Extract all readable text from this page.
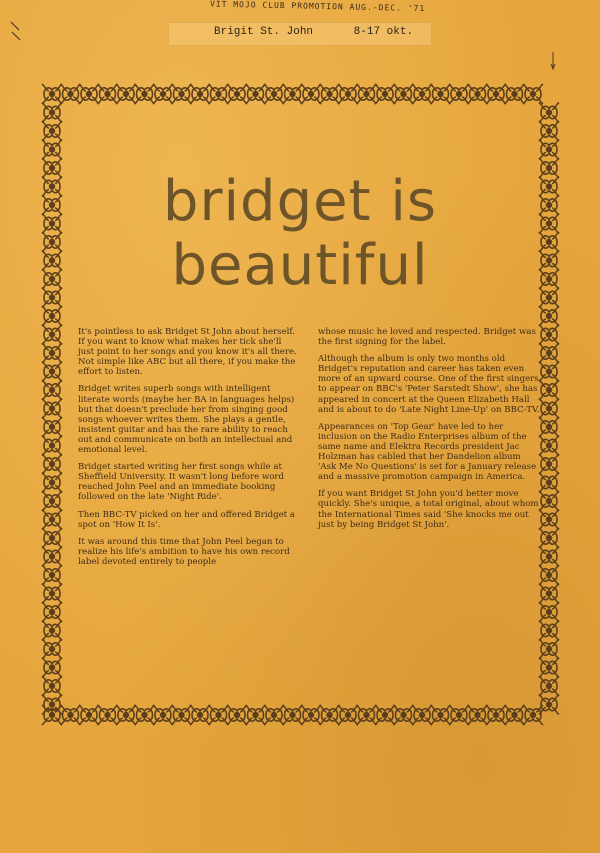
VIT MOJO CLUB PROMOTION AUG.-DEC. '71
Brigit St. John	8-17 okt.
bridget is
beautiful

It's pointless to ask Bridget St John about herself. If you want to know what makes her tick she'll just point to her songs and you know it's all there. Not simple like ABC but all there, if you make the effort to listen.

Bridget writes superb songs with intelligent literate words (maybe her BA in languages helps) but that doesn't preclude her from singing good songs whoever writes them. She plays a gentle, insistent guitar and has the rare ability to reach out and communicate on both an intellectual and emotional level.

Bridget started writing her first songs while at Sheffield University. It wasn't long before word reached John Peel and an immediate booking followed on the late 'Night Ride'.

Then BBC-TV picked on her and offered Bridget a spot on 'How It Is'.

It was around this time that John Peel began to realize his life's ambition to have his own record label devoted entirely to people

whose music he loved and respected. Bridget was the first signing for the label.

Although the album is only two months old Bridget's reputation and career has taken even more of an upward course. One of the first singers to appear on BBC's 'Peter Sarstedt Show', she has appeared in concert at the Queen Elizabeth Hall and is about to do 'Late Night Line-Up' on BBC-TV.

Appearances on 'Top Gear' have led to her inclusion on the Radio Enterprises album of the same name and Elektra Records president Jac Holzman has cabled that her Dandelion album 'Ask Me No Questions' is set for a January release and a massive promotion campaign in America.

If you want Bridget St John you'd better move quickly. She's unique, a total original, about whom the International Times said 'She knocks me out just by being Bridget St John'.
